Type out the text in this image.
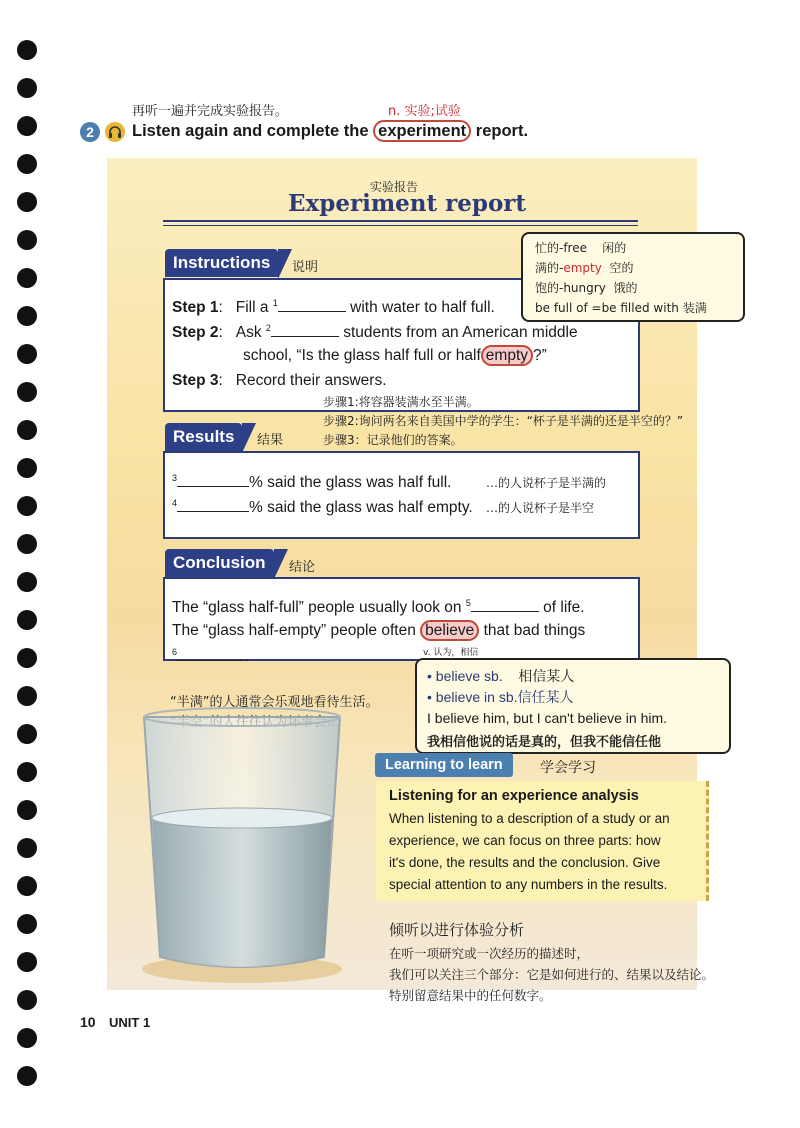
再听一遍并完成实验报告。	n. 实验;试验
2	Listen again and complete the experiment report.
实验报告
Experiment report
Instructions	说明
Step 1:   Fill a $^1$	with water to half full.
Step 2:   Ask $^2$	students from an American middle
school, “Is the glass half full or half empty ?”
Step 3:   Record their answers.
步骤1:将容器装满水至半满。
步骤2:询问两名来自美国中学的学生：“杯子是半满的还是半空的？”
步骤3：记录他们的答案。
忙的-free 闲的
满的-empty 空的
饱的-hungry 饿的
be full of =be filled with 装满
Results	结果
$^3$	% said the glass was half full.	…的人说杯子是半满的
$^4$	% said the glass was half empty. …的人说杯子是半空
Conclusion	结论
The “glass half-full” people usually look on $^5$	of life.
The “glass half-empty” people often believe that bad things
$^6$	.	v. 认为，相信
• believe sb. 相信某人
• believe in sb.信任某人
I believe him, but I can't believe in him.
我相信他说的话是真的，但我不能信任他
“半满”的人通常会乐观地看待生活。
Learning to learn	学会学习
Listening for an experience analysis
When listening to a description of a study or an
experience, we can focus on three parts: how
it's done, the results and the conclusion. Give
special attention to any numbers in the results.
倾听以进行体验分析
在听一项研究或一次经历的描述时，
我们可以关注三个部分：它是如何进行的、结果以及结论。
特别留意结果中的任何数字。
10 UNIT 1
